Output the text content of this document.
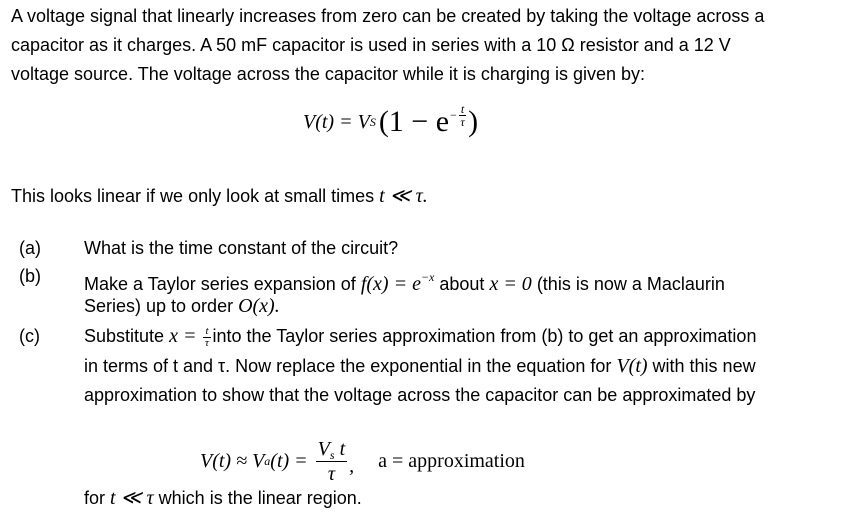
A voltage signal that linearly increases from zero can be created by taking the voltage across a
capacitor as it charges. A 50 mF capacitor is used in series with a 10 Ω resistor and a 12 V
voltage source. The voltage across the capacitor while it is charging is given by:
V(t) = V S ($1 - e - \frac{t}{\tau}$ )
This looks linear if we only look at small times t ≪ τ.
(a) What is the time constant of the circuit?
(b) Make a Taylor series expansion of $f(x) = e^{-x}$ about x = 0 (this is now a Maclaurin
Series) up to order O(x).
(c) Substitute $x = \frac{t}{\tau}$ into the Taylor series approximation from (b) to get an approximation
in terms of t and τ. Now replace the exponential in the equation for V(t) with this new
approximation to show that the voltage across the capacitor can be approximated by
V(t) ≈ V a $(t) = \frac{V_s t}{\tau}$ , a = approximation
for t ≪ τ which is the linear region.
